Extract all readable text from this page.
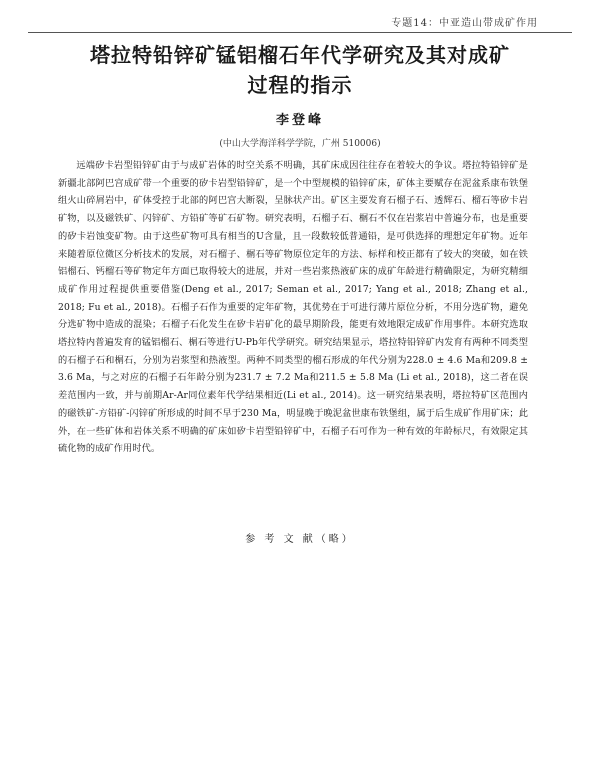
专题14：中亚造山带成矿作用
塔拉特铅锌矿锰铝榴石年代学研究及其对成矿
过程的指示
李登峰
(中山大学海洋科学学院，广州 510006)

远端矽卡岩型铅锌矿由于与成矿岩体的时空关系不明确，其矿床成因往往存在着较大的争议。塔拉特铅锌矿是新疆北部阿巴宫成矿带一个重要的矽卡岩型铅锌矿，是一个中型规模的铅锌矿床，矿体主要赋存在泥盆系康布铁堡组火山碎屑岩中，矿体受控于北部的阿巴宫大断裂，呈脉状产出。矿区主要发育石榴子石、透辉石、榴石等矽卡岩矿物，以及磁铁矿、闪锌矿、方铅矿等矿石矿物。研究表明，石榴子石、榍石不仅在岩浆岩中普遍分布，也是重要的矽卡岩蚀变矿物。由于这些矿物可具有相当的U含量，且一段数较低普通铅，是可供选择的理想定年矿物。近年来随着原位微区分析技术的发展，对石榴子、榍石等矿物原位定年的方法、标样和校正都有了较大的突破，如在铁铝榴石、钙榴石等矿物定年方面已取得较大的进展，并对一些岩浆热液矿床的成矿年龄进行精确限定，为研究精细成矿作用过程提供重要借鉴(Deng et al., 2017; Seman et al., 2017; Yang et al., 2018; Zhang et al., 2018; Fu et al., 2018)。石榴子石作为重要的定年矿物，其优势在于可进行薄片原位分析，不用分选矿物，避免分选矿物中造成的混染；石榴子石化发生在矽卡岩矿化的最早期阶段，能更有效地限定成矿作用事件。本研究选取塔拉特内普遍发育的锰铝榴石、榍石等进行U-Pb年代学研究。研究结果显示，塔拉特铅锌矿内发育有两种不同类型的石榴子石和榍石，分别为岩浆型和热液型。两种不同类型的榴石形成的年代分别为228.0 ± 4.6 Ma和209.8 ± 3.6 Ma，与之对应的石榴子石年龄分别为231.7 ± 7.2 Ma和211.5 ± 5.8 Ma (Li et al., 2018)，这二者在误差范围内一致，并与前期Ar-Ar同位素年代学结果相近(Li et al., 2014)。这一研究结果表明，塔拉特矿区范围内的磁铁矿-方铅矿-闪锌矿所形成的时间不早于230 Ma，明显晚于晚泥盆世康布铁堡组，属于后生成矿作用矿床；此外，在一些矿体和岩体关系不明确的矿床如矽卡岩型铅锌矿中，石榴子石可作为一种有效的年龄标尺，有效限定其硫化物的成矿作用时代。

参 考 文 献（略）
